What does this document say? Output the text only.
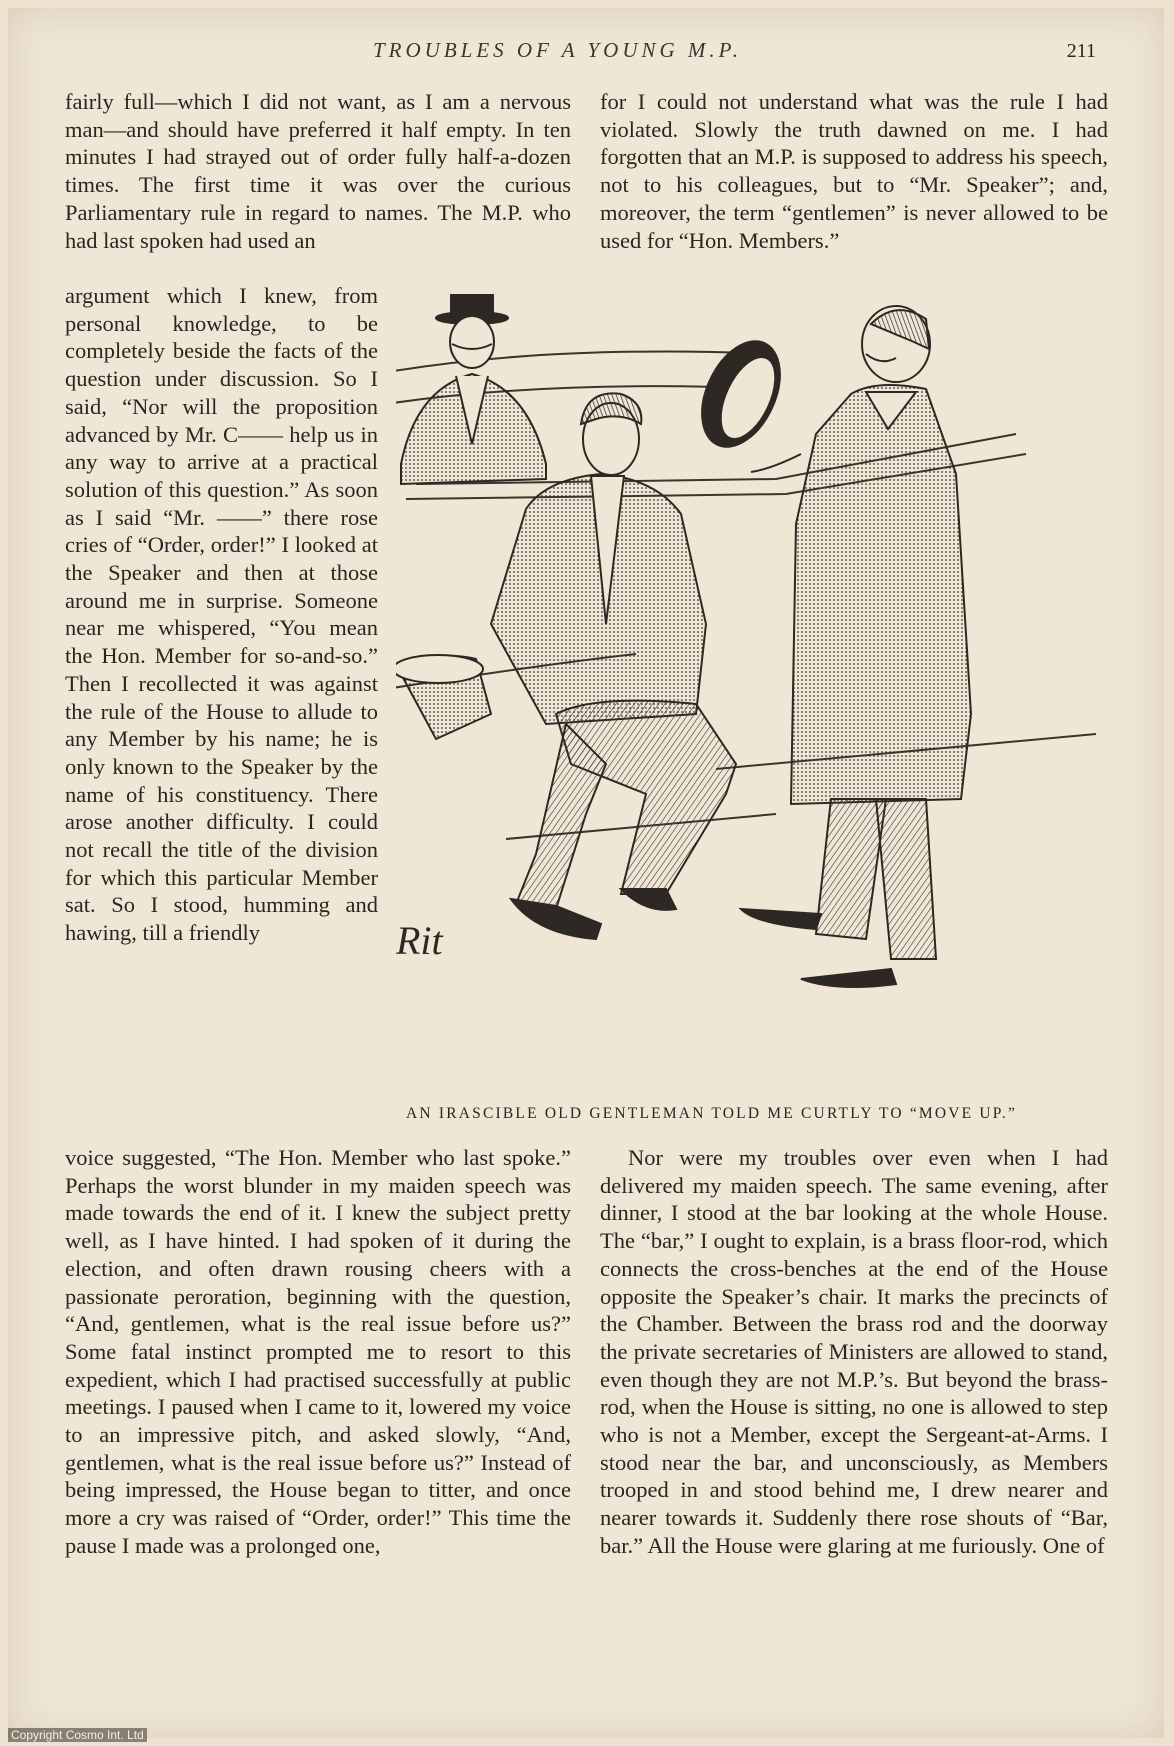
TROUBLES OF A YOUNG M.P.	211

fairly full—which I did not want, as I am a nervous man—and should have preferred it half empty. In ten minutes I had strayed out of order fully half-a-dozen times. The first time it was over the curious Parliamentary rule in regard to names. The M.P. who had last spoken had used an

argument which I knew, from personal knowledge, to be completely beside the facts of the question under discussion. So I said, “Nor will the proposition advanced by Mr. C—— help us in any way to arrive at a practical solution of this question.” As soon as I said “Mr. ——” there rose cries of “Order, order!” I looked at the Speaker and then at those around me in surprise. Someone near me whispered, “You mean the Hon. Member for so-and-so.” Then I recollected it was against the rule of the House to allude to any Member by his name; he is only known to the Speaker by the name of his constituency. There arose another difficulty. I could not recall the title of the division for which this particular Member sat. So I stood, humming and hawing, till a friendly

voice suggested, “The Hon. Member who last spoke.” Perhaps the worst blunder in my maiden speech was made towards the end of it. I knew the subject pretty well, as I have hinted. I had spoken of it during the election, and often drawn rousing cheers with a passionate peroration, beginning with the question, “And, gentlemen, what is the real issue before us?” Some fatal instinct prompted me to resort to this expedient, which I had practised successfully at public meetings. I paused when I came to it, lowered my voice to an impressive pitch, and asked slowly, “And, gentlemen, what is the real issue before us?” Instead of being impressed, the House began to titter, and once more a cry was raised of “Order, order!” This time the pause I made was a prolonged one,

for I could not understand what was the rule I had violated. Slowly the truth dawned on me. I had forgotten that an M.P. is supposed to address his speech, not to his colleagues, but to “Mr. Speaker”; and, moreover, the term “gentlemen” is never allowed to be used for “Hon. Members.”

Nor were my troubles over even when I had delivered my maiden speech. The same evening, after dinner, I stood at the bar looking at the whole House. The “bar,” I ought to explain, is a brass floor-rod, which connects the cross-benches at the end of the House opposite the Speaker’s chair. It marks the precincts of the Chamber. Between the brass rod and the doorway the private secretaries of Ministers are allowed to stand, even though they are not M.P.’s. But beyond the brass-rod, when the House is sitting, no one is allowed to step who is not a Member, except the Sergeant-at-Arms. I stood near the bar, and unconsciously, as Members trooped in and stood behind me, I drew nearer and nearer towards it. Suddenly there rose shouts of “Bar, bar.” All the House were glaring at me furiously. One of

Rit
AN IRASCIBLE OLD GENTLEMAN TOLD ME CURTLY TO “MOVE UP.”
Copyright Cosmo Int. Ltd
